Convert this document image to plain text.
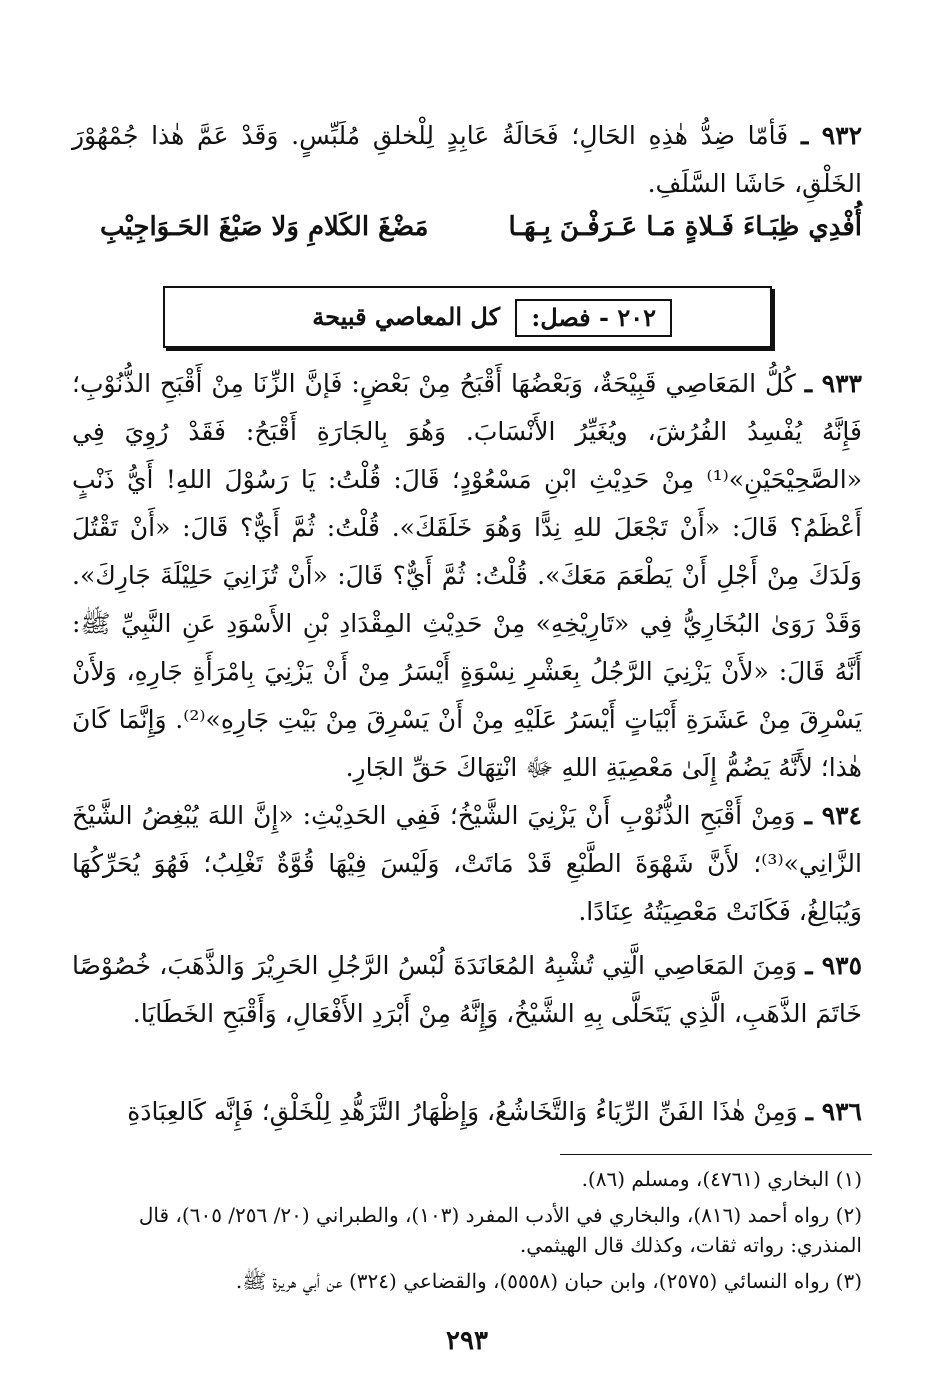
٩٣٢ ـ فَأمّا ضِدُّ هٰذِهِ الحَالِ؛ فَحَالَةُ عَابِدٍ لِلْخلقِ مُلَبِّسٍ. وَقَدْ عَمَّ هٰذا جُمْهُوْرَ الخَلْقِ، حَاشَا السَّلَفِ.

أُفْدِي ظِبَـاءَ فَـلاةٍ مَـا عَـرَفْـنَ بِـهَـا
مَضْغَ الكَلامِ وَلا صَبْغَ الحَـوَاجِيْبِ
٢٠٢ - فصل:
كل المعاصي قبيحة

٩٣٣ ـ كُلُّ المَعَاصِي قَبِيْحَةٌ، وَبَعْضُهَا أَقْبَحُ مِنْ بَعْضٍ: فَإنَّ الزِّنَا مِنْ أَقْبَحِ الذُّنُوْبِ؛ فَإِنَّهُ يُفْسِدُ الفُرُشَ، ويُغَيِّرُ الأَنْسَابَ. وَهُوَ بِالجَارَةِ أَقْبَحُ: فَقَدْ رُوِيَ فِي «الصَّحِيْحَيْنِ»⁽¹⁾ مِنْ حَدِيْثِ ابْنِ مَسْعُوْدٍ؛ قَالَ: قُلْتُ: يَا رَسُوْلَ اللهِ! أَيُّ ذَنْبٍ أَعْظَمُ؟ قَالَ: «أَنْ تَجْعَلَ للهِ نِدًّا وَهُوَ خَلَقَكَ». قُلْتُ: ثُمَّ أَيٌّ؟ قَالَ: «أَنْ تَقْتُلَ وَلَدَكَ مِنْ أَجْلِ أَنْ يَطْعَمَ مَعَكَ». قُلْتُ: ثُمَّ أَيٌّ؟ قَالَ: «أَنْ تُزَانِيَ حَلِيْلَةَ جَارِكَ». وَقَدْ رَوَىٰ البُخَارِيُّ فِي «تَارِيْخِهِ» مِنْ حَدِيْثِ المِقْدَادِ بْنِ الأَسْوَدِ عَنِ النَّبِيِّ ﷺ: أَنَّهُ قَالَ: «لأَنْ يَزْنِيَ الرَّجُلُ بِعَشْرِ نِسْوَةٍ أَيْسَرُ مِنْ أَنْ يَزْنِيَ بِامْرَأَةِ جَارِهِ، وَلأَنْ يَسْرِقَ مِنْ عَشَرَةِ أَبْيَاتٍ أَيْسَرُ عَلَيْهِ مِنْ أَنْ يَسْرِقَ مِنْ بَيْتِ جَارِهِ»⁽²⁾. وَإِنَّمَا كَانَ هٰذا؛ لأَنَّهُ يَضُمُّ إِلَىٰ مَعْصِيَةِ اللهِ ﷻ انْتِهَاكَ حَقِّ الجَارِ.

٩٣٤ ـ وَمِنْ أَقْبَحِ الذُّنُوْبِ أَنْ يَزْنِيَ الشَّيْخُ؛ فَفِي الحَدِيْثِ: «إِنَّ اللهَ يُبْغِضُ الشَّيْخَ الزَّانِي»⁽³⁾؛ لأَنَّ شَهْوَةَ الطَّبْعِ قَدْ مَاتَتْ، وَلَيْسَ فِيْهَا قُوَّةٌ تَغْلِبُ؛ فَهُوَ يُحَرِّكُهَا وَيُبَالِغُ، فَكَانَتْ مَعْصِيَتُهُ عِنَادًا.

٩٣٥ ـ وَمِنَ المَعَاصِي الَّتِي تُشْبِهُ المُعَانَدَةَ لُبْسُ الرَّجُلِ الحَرِيْرَ وَالذَّهَبَ، خُصُوْصًا خَاتَمَ الذَّهَبِ، الَّذِي يَتَحَلَّى بِهِ الشَّيْخُ، وَإِنَّهُ مِنْ أَبْرَدِ الأَفْعَالِ، وَأَقْبَحِ الخَطَايَا.

٩٣٦ ـ وَمِنْ هٰذَا الفَنِّ الرِّيَاءُ وَالتَّخَاشُعُ، وَإِظْهَارُ التَّزَهُّدِ لِلْخَلْقِ؛ فَإِنَّه كَالعِبَادَةِ

(١) البخاري (٤٧٦١)، ومسلم (٨٦).
(٢) رواه أحمد (٨١٦)، والبخاري في الأدب المفرد (١٠٣)، والطبراني (٢٠/ ٢٥٦/ ٦٠٥)، قال المنذري: رواته ثقات، وكذلك قال الهيثمي.
(٣) رواه النسائي (٢٥٧٥)، وابن حبان (٥٥٥٨)، والقضاعي (٣٢٤) عن أبي هريرة ﷺ.
٢٩٣
